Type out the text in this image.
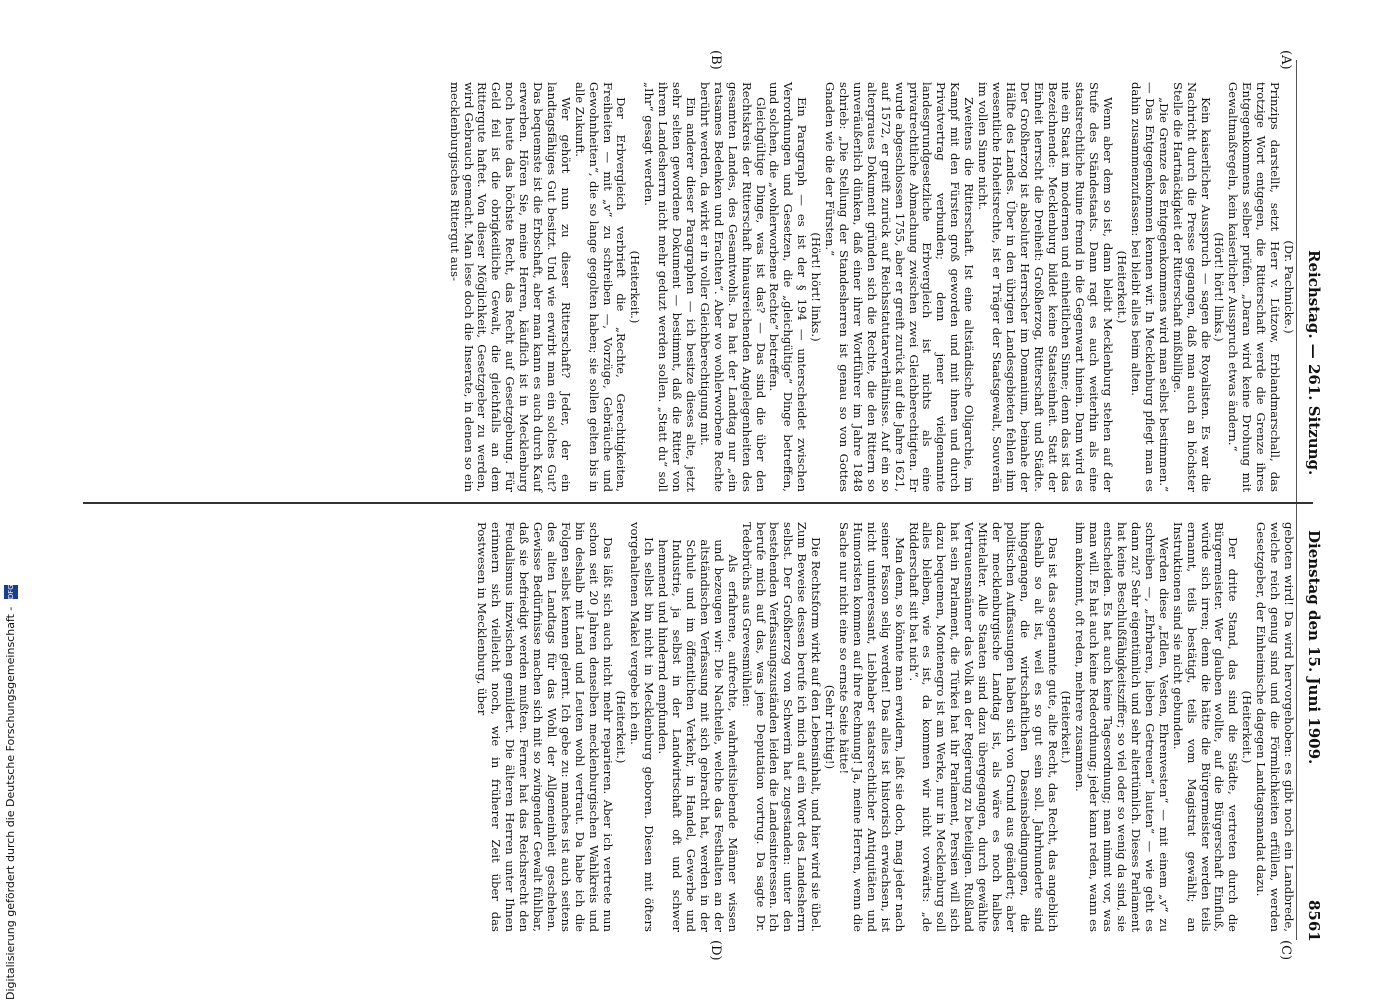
Reichstag. — 261. Sitzung.
Dienstag den 15. Juni 1909.
8561
(A)
(B)
(C)
(D)

(Dr. Pachnicke.)

Prinzips darstellt, setzt Herr v. Lützow, Erblandmarschall, das trotzige Wort entgegen, die Ritterschaft werde die Grenze ihres Entgegenkommens selber prüfen. „Daran wird keine Drohung mit Gewaltmaßregeln, kein kaiserlicher Ausspruch etwas ändern.“

(Hört! hört! links.)

Kein kaiserlicher Ausspruch — sagen die Royalisten. Es war die Nachricht durch die Presse gegangen, daß man auch an höchster Stelle die Hartnäckigkeit der Ritterschaft mißbillige.

„Die Grenze des Entgegenkommens wird man selbst bestimmen.“ — Das Entgegenkommen kennen wir. In Mecklenburg pflegt man es dahin zusammenzufassen: bei bleibt alles beim alten.

(Heiterkeit.)

Wenn aber dem so ist, dann bleibt Mecklenburg stehen auf der Stufe des Ständestaats. Dann ragt es auch weiterhin als eine staatsrechtliche Ruine fremd in die Gegenwart hinein. Dann wird es nie ein Staat im modernen und einheitlichen Sinne; denn das ist das Bezeichnende: Mecklenburg bildet keine Staatseinheit. Statt der Einheit herrscht die Dreiheit: Großherzog, Ritterschaft und Städte. Der Großherzog ist absoluter Herrscher im Domanium, beinahe der Hälfte des Landes. Über in den übrigen Landesgebieten fehlen ihm wesentliche Hoheitsrechte, ist er Träger der Staatsgewalt, Souverän im vollen Sinne nicht.

Zweitens die Ritterschaft. Ist eine altständische Oligarchie, im Kampf mit den Fürsten groß geworden und mit ihnen und durch Privatvertrag verbunden; denn jener vielgenannte landesgrundgesetzliche Erbvergleich ist nichts als eine privatrechtliche Abmachung zwischen zwei Gleichberechtigten. Er wurde abgeschlossen 1755, aber er greift zurück auf die Jahre 1621, auf 1572, er greift zurück auf Reichsstatutarverhältnisse. Auf ein so altergraues Dokument gründen sich die Rechte, die den Rittern so unveräußerlich dünken, daß einer ihrer Wortführer im Jahre 1848 schrieb: „Die Stellung der Standesherren ist genau so von Gottes Gnaden wie die der Fürsten.“

(Hört! hört! links.)

Ein Paragraph — es ist der § 194 — unterscheidet zwischen Verordnungen und Gesetzen, die „gleichgültige“ Dinge betreffen, und solchen, die „wohlerworbene Rechte“ betreffen.

Gleichgültige Dinge, was ist das? — Das sind die über den Rechtskreis der Ritterschaft hinausreichenden Angelegenheiten des gesamten Landes, des Gesamtwohls. Da hat der Landtag nur „ein ratsames Bedenken und Erachten“. Aber wo wohlerworbene Rechte berührt werden, da wirkt er in voller Gleichberechtigung mit.

Ein anderer dieser Paragraphen — ich besitze dieses alte, jetzt sehr selten gewordene Dokument — bestimmt, daß die Ritter von ihrem Landesherrn nicht mehr geduzt werden sollen. „Statt du“ soll „Ihr“ gesagt werden.

(Heiterkeit.)

Der Erbvergleich verbrieft die „Rechte, Gerechtigkeiten, Freiheiten — mit „v“ zu schreiben —, Vorzüge, Gebräuche und Gewohnheiten“, die so lange gegolten haben; sie sollen gelten bis in alle Zukunft.

Wer gehört nun zu dieser Ritterschaft? Jeder, der ein landtagsfähiges Gut besitzt. Und wie erwirbt man ein solches Gut? Das bequemste ist die Erbschaft, aber man kann es auch durch Kauf erwerben. Hören Sie, meine Herren, käuflich ist in Mecklenburg noch heute das höchste Recht, das Recht auf Gesetzgebung. Für Geld feil ist die obrigkeitliche Gewalt, die gleichfalls an dem Rittergute haftet. Von dieser Möglichkeit, Gesetzgeber zu werden, wird Gebrauch gemacht. Man lese doch die Inserate, in denen so ein mecklenburgisches Rittergut aus-

geboten wird! Da wird hervorgehoben: es gibt noch ein Landbrede, welche reich genug sind und die Förmlichkeiten erfüllen, werden Gesetzgeber, der Einheimische dagegen Landtagsmandat dazu.

(Heiterkeit.)

Der dritte Stand, das sind die Städte, vertreten durch die Bürgermeister. Wer glauben wollte, auf die Bürgerschaft Einfluß, würde sich irren; denn die hätte die Bürgermeister werden teils ernannt, teils bestätigt, teils vom Magistrat gewählt; an Instruktionen sind sie nicht gebunden.

Werden diese „Edlen, Vesten, Ehrenvesten“ — mit einem „v“ zu schreiben —, „Ehrbaren, lieben Getreuen“ lauten“ — wie geht es dann zu? Sehr eigentümlich und sehr altertümlich. Dieses Parlament hat keine Beschlußfähigkeitsziffer; so viel oder so wenig da sind, sie entscheiden. Es hat auch keine Tagesordnung; man nimmt vor, was man will. Es hat auch keine Redeordnung; jeder kann reden, wann es ihm ankommt, oft reden, mehrere zusammen.

(Heiterkeit.)

Das ist das sogenannte gute, alte Recht, das Recht, das angeblich deshalb so alt ist, weil es so gut sein soll. Jahrhunderte sind hingegangen, die wirtschaftlichen Daseinsbedingungen, die politischen Auffassungen haben sich von Grund aus geändert; aber der mecklenburgische Landtag ist, als wäre es noch halbes Mittelalter. Alle Staaten sind dazu übergegangen, durch gewählte Vertrauensmänner das Volk an der Regierung zu beteiligen. Rußland hat sein Parlament, die Türkei hat ihr Parlament, Persien will sich dazu bequemen, Montenegro ist am Werke, nur in Mecklenburg soll alles bleiben, wie es ist, da kommen wir nicht vorwärts: „de Ridderschaft sitt bat nich“.

Man denn, so könnte man erwidern, laßt sie doch, mag jeder nach seiner Fasson selig werden! Das alles ist historisch erwachsen, ist nicht uninteressant, Liebhaber staatsrechtlicher Antiquitäten und Humoristen kommen auf ihre Rechnung! Ja, meine Herren, wenn die Sache nur nicht eine so ernste Seite hätte!

(Sehr richtig!)

Die Rechtsform wirkt auf den Lebensinhalt, und hier wird sie übel. Zum Beweise dessen berufe ich mich auf ein Wort des Landesherrn selbst. Der Großherzog von Schwerin hat zugestanden: unter den bestehenden Verfassungszuständen leiden die Landesinteressen. Ich berufe mich auf das, was jene Deputation vortrug. Da sagte Dr. Tedebrüchs aus Grevesmühlen:

Als erfahrene, aufrechte, wahrheitsliebende Männer wissen und bezeugen wir: Die Nachteile, welche das Festhalten an der altständischen Verfassung mit sich gebracht hat, werden in der Schule und im öffentlichen Verkehr, in Handel, Gewerbe und Industrie, ja selbst in der Landwirtschaft oft und schwer hemmend und hindernd empfunden.

Ich selbst bin nicht in Mecklenburg geboren. Diesen mit öfters vorgehaltenen Makel vergebe ich ein.

(Heiterkeit.)

Das läßt sich auch nicht mehr reparieren. Aber ich vertrete nun schon seit 20 Jahren denselben mecklenburgischen Wahlkreis und bin deshalb mit Land und Leuten wohl vertraut. Da habe ich die Folgen selbst kennen gelernt. Ich gebe zu: manches ist auch seitens des alten Landtags für das Wohl der Allgemeinheit geschehen. Gewisse Bedürfnisse machen sich mit so zwingender Gewalt fühlbar, daß sie befriedigt werden mußten. Ferner hat das Reichsrecht den Feudalismus inzwischen gemildert. Die älteren Herren unter Ihnen erinnern sich vielleicht noch, wie in früherer Zeit über das Postwesen in Mecklenburg, über

Digitalisierung gefördert durch die Deutsche Forschungsgemeinschaft - DFG
